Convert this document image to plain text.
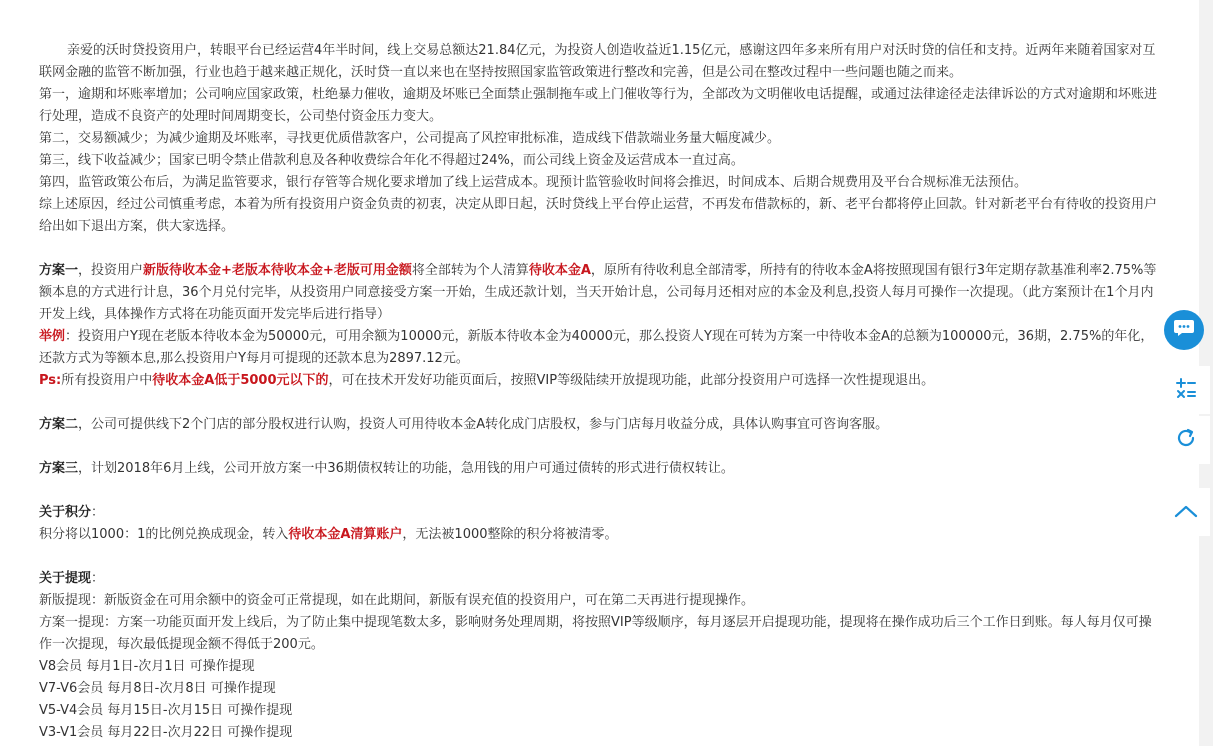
亲爱的沃时贷投资用户，转眼平台已经运营4年半时间，线上交易总额达21.84亿元，为投资人创造收益近1.15亿元，感谢这四年多来所有用户对沃时贷的信任和支持。近两年来随着国家对互联网金融的监管不断加强，行业也趋于越来越正规化，沃时贷一直以来也在坚持按照国家监管政策进行整改和完善，但是公司在整改过程中一些问题也随之而来。

第一，逾期和坏账率增加；公司响应国家政策，杜绝暴力催收，逾期及坏账已全面禁止强制拖车或上门催收等行为，全部改为文明催收电话提醒，或通过法律途径走法律诉讼的方式对逾期和坏账进行处理，造成不良资产的处理时间周期变长，公司垫付资金压力变大。

第二，交易额减少；为减少逾期及坏账率，寻找更优质借款客户，公司提高了风控审批标准，造成线下借款端业务量大幅度减少。

第三，线下收益减少；国家已明令禁止借款利息及各种收费综合年化不得超过24%，而公司线上资金及运营成本一直过高。

第四，监管政策公布后，为满足监管要求，银行存管等合规化要求增加了线上运营成本。现预计监管验收时间将会推迟，时间成本、后期合规费用及平台合规标准无法预估。

综上述原因，经过公司慎重考虑，本着为所有投资用户资金负责的初衷，决定从即日起，沃时贷线上平台停止运营，不再发布借款标的，新、老平台都将停止回款。针对新老平台有待收的投资用户给出如下退出方案，供大家选择。

方案一，投资用户新版待收本金+老版本待收本金+老版可用金额将全部转为个人清算待收本金A，原所有待收利息全部清零，所持有的待收本金A将按照现国有银行3年定期存款基准利率2.75%等额本息的方式进行计息，36个月兑付完毕，从投资用户同意接受方案一开始，生成还款计划，当天开始计息，公司每月还相对应的本金及利息,投资人每月可操作一次提现。（此方案预计在1个月内开发上线，具体操作方式将在功能页面开发完毕后进行指导）

举例：投资用户Y现在老版本待收本金为50000元，可用余额为10000元，新版本待收本金为40000元，那么投资人Y现在可转为方案一中待收本金A的总额为100000元，36期，2.75%的年化，还款方式为等额本息,那么投资用户Y每月可提现的还款本息为2897.12元。

Ps:所有投资用户中待收本金A低于5000元以下的，可在技术开发好功能页面后，按照VIP等级陆续开放提现功能，此部分投资用户可选择一次性提现退出。

方案二，公司可提供线下2个门店的部分股权进行认购，投资人可用待收本金A转化成门店股权，参与门店每月收益分成，具体认购事宜可咨询客服。

方案三，计划2018年6月上线，公司开放方案一中36期债权转让的功能，急用钱的用户可通过债转的形式进行债权转让。

关于积分：

积分将以1000：1的比例兑换成现金，转入待收本金A清算账户，无法被1000整除的积分将被清零。

关于提现：

新版提现：新版资金在可用余额中的资金可正常提现，如在此期间，新版有误充值的投资用户，可在第二天再进行提现操作。

方案一提现：方案一功能页面开发上线后，为了防止集中提现笔数太多，影响财务处理周期，将按照VIP等级顺序，每月逐层开启提现功能，提现将在操作成功后三个工作日到账。每人每月仅可操作一次提现，每次最低提现金额不得低于200元。

V8会员 每月1日-次月1日 可操作提现

V7-V6会员 每月8日-次月8日 可操作提现

V5-V4会员 每月15日-次月15日 可操作提现

V3-V1会员 每月22日-次月22日 可操作提现
